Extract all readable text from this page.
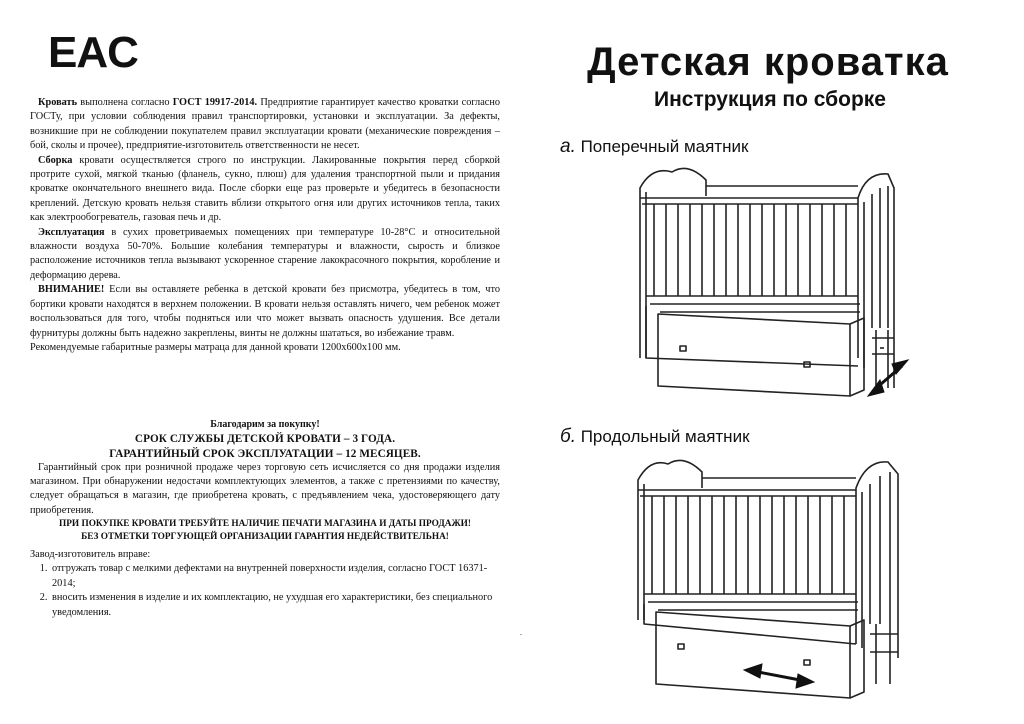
EAC

Кровать выполнена согласно ГОСТ 19917-2014. Предприятие гарантирует качество кроватки согласно ГОСТу, при условии соблюдения правил транспортировки, установки и эксплуатации. За дефекты, возникшие при не соблюдении покупателем правил эксплуатации кровати (механические повреждения – бой, сколы и прочее), предприятие-изготовитель ответственности не несет.

Сборка кровати осуществляется строго по инструкции. Лакированные покрытия перед сборкой протрите сухой, мягкой тканью (фланель, сукно, плюш) для удаления транспортной пыли и придания кроватке окончательного внешнего вида. После сборки еще раз проверьте и убедитесь в безопасности креплений. Детскую кровать нельзя ставить вблизи открытого огня или других источников тепла, таких как электрообогреватель, газовая печь и др.

Эксплуатация в сухих проветриваемых помещениях при температуре 10-28°С и относительной влажности воздуха 50-70%. Большие колебания температуры и влажности, сырость и близкое расположение источников тепла вызывают ускоренное старение лакокрасочного покрытия, коробление и деформацию дерева.

ВНИМАНИЕ! Если вы оставляете ребенка в детской кровати без присмотра, убедитесь в том, что бортики кровати находятся в верхнем положении. В кровати нельзя оставлять ничего, чем ребенок может воспользоваться для того, чтобы подняться или что может вызвать опасность удушения. Все детали фурнитуры должны быть надежно закреплены, винты не должны шататься, во избежание травм.

Рекомендуемые габаритные размеры матраца для данной кровати 1200х600х100 мм.

Благодарим за покупку!
СРОК СЛУЖБЫ ДЕТСКОЙ КРОВАТИ – 3 ГОДА.
ГАРАНТИЙНЫЙ СРОК ЭКСПЛУАТАЦИИ – 12 МЕСЯЦЕВ.

Гарантийный срок при розничной продаже через торговую сеть исчисляется со дня продажи изделия магазином. При обнаружении недостачи комплектующих элементов, а также с претензиями по качеству, следует обращаться в магазин, где приобретена кровать, с предъявлением чека, удостоверяющего дату приобретения.

ПРИ ПОКУПКЕ КРОВАТИ ТРЕБУЙТЕ НАЛИЧИЕ ПЕЧАТИ МАГАЗИНА И ДАТЫ ПРОДАЖИ!
БЕЗ ОТМЕТКИ ТОРГУЮЩЕЙ ОРГАНИЗАЦИИ ГАРАНТИЯ НЕДЕЙСТВИТЕЛЬНА!
Завод-изготовитель вправе:
1. отгружать товар с мелкими дефектами на внутренней поверхности изделия, согласно ГОСТ 16371-2014;
2. вносить изменения в изделие и их комплектацию, не ухудшая его характеристики, без специального уведомления.
.
Детская кроватка
Инструкция по сборке
а. Поперечный маятник
б. Продольный маятник
